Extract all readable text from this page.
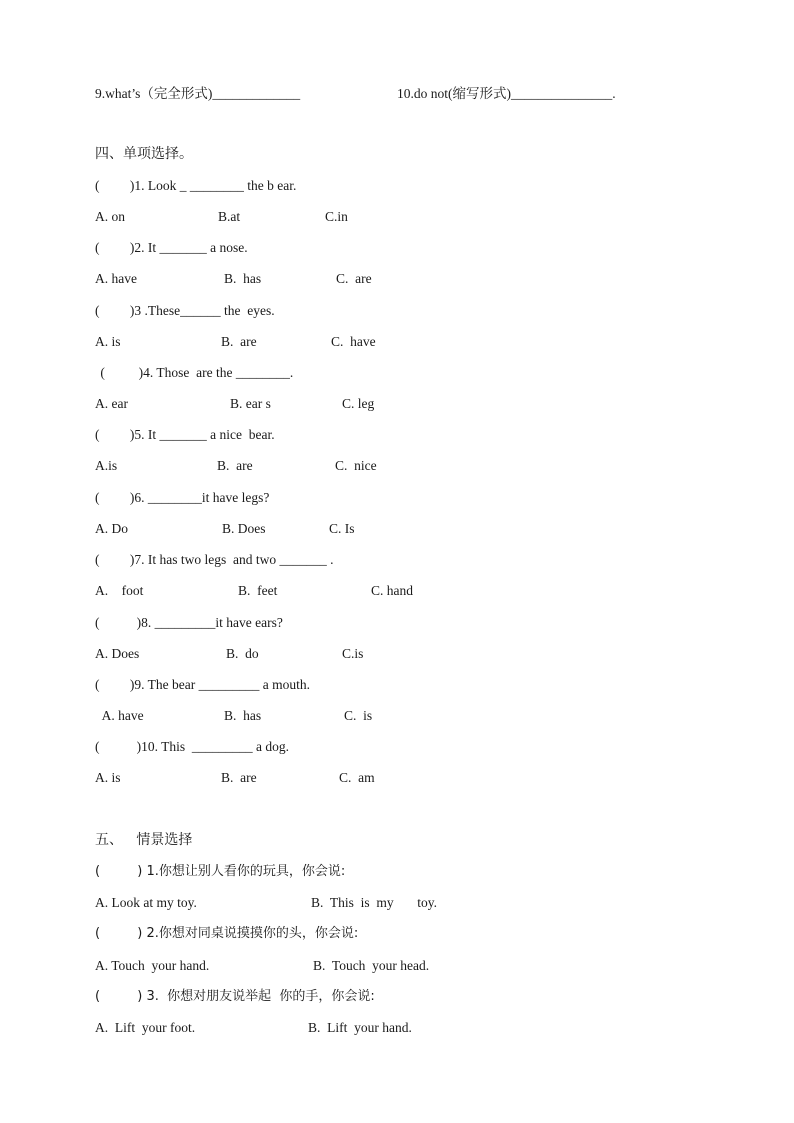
9.what’s（完全形式)_____________	10.do not(缩写形式)_______________.
四、单项选择。
(         )1. Look _ ________ the b ear.
A. on	B.at	C.in
(         )2. It _______ a nose.
A. have	B.  has	C.  are
(         )3 .These______ the  eyes.
A. is	B.  are	C.  have
(          )4. Those  are the ________.
A. ear	B. ear s	C. leg
(         )5. It _______ a nice  bear.
A.is	B.  are	C.  nice
(         )6. ________it have legs?
A. Do	B. Does	C. Is
(         )7. It has two legs  and two _______ .
A.    foot	B.  feet	C. hand
(           )8. _________it have ears?
A. Does	B.  do	C.is
(         )9. The bear _________ a mouth.
A. have	B.  has	C.  is
(           )10. This  _________ a dog.
A. is	B.  are	C.  am
五、   情景选择
(         ) 1.你想让别人看你的玩具，你会说:
A. Look at my toy.	B.  This  is  my       toy.
(         ) 2.你想对同桌说摸摸你的头，你会说:
A. Touch  your hand.	B.  Touch  your head.
(         ) 3.  你想对朋友说举起  你的手，你会说:
A.  Lift  your foot.	B.  Lift  your hand.
